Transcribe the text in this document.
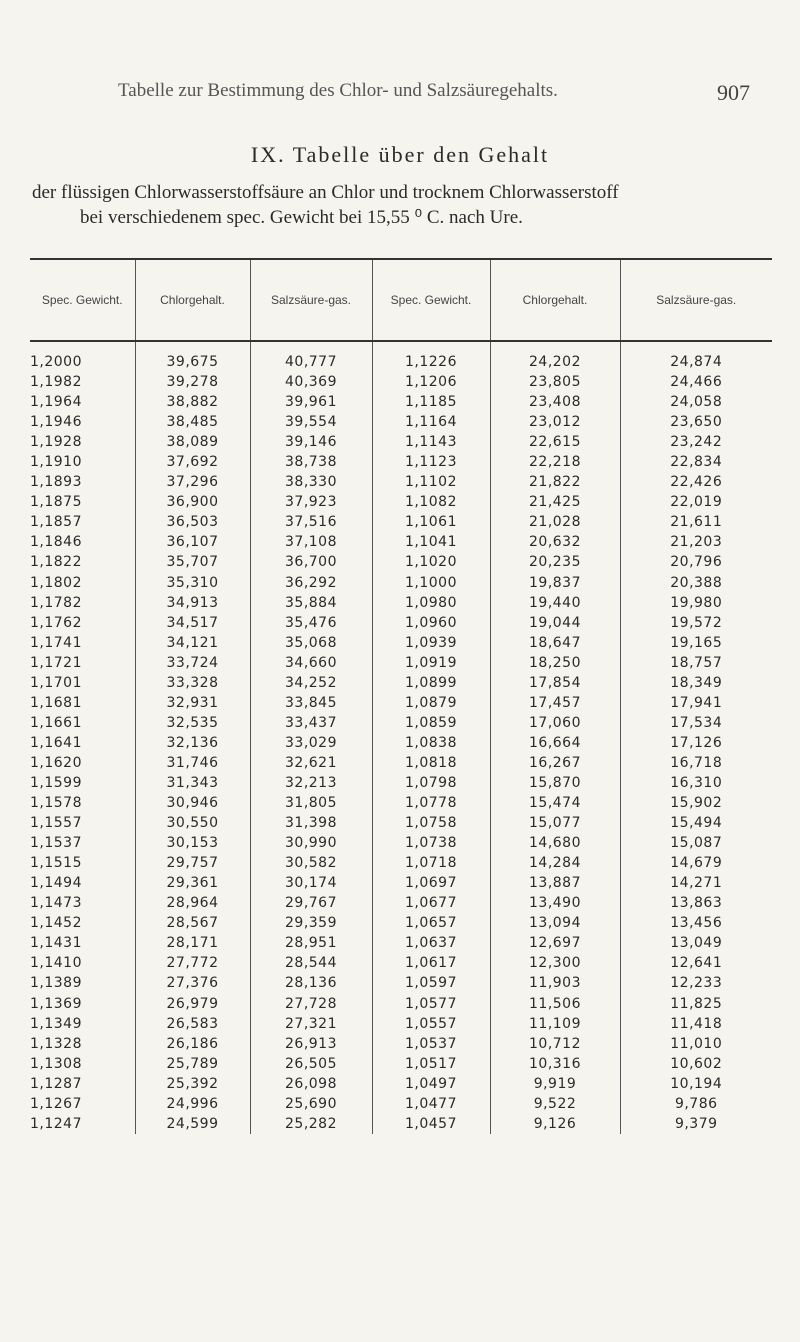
Tabelle zur Bestimmung des Chlor- und Salzsäuregehalts.	907
IX. Tabelle über den Gehalt
der flüssigen Chlorwasserstoffsäure an Chlor und trocknem Chlorwasserstoff
bei verschiedenem spec. Gewicht bei 15,55 ⁰ C. nach Ure.
Spec. Gewicht.	Chlorgehalt.	Salzsäure-gas.	Spec. Gewicht.	Chlorgehalt.	Salzsäure-gas.
1,2000	39,675	40,777	1,1226	24,202	24,874
1,1982	39,278	40,369	1,1206	23,805	24,466
1,1964	38,882	39,961	1,1185	23,408	24,058
1,1946	38,485	39,554	1,1164	23,012	23,650
1,1928	38,089	39,146	1,1143	22,615	23,242
1,1910	37,692	38,738	1,1123	22,218	22,834
1,1893	37,296	38,330	1,1102	21,822	22,426
1,1875	36,900	37,923	1,1082	21,425	22,019
1,1857	36,503	37,516	1,1061	21,028	21,611
1,1846	36,107	37,108	1,1041	20,632	21,203
1,1822	35,707	36,700	1,1020	20,235	20,796
1,1802	35,310	36,292	1,1000	19,837	20,388
1,1782	34,913	35,884	1,0980	19,440	19,980
1,1762	34,517	35,476	1,0960	19,044	19,572
1,1741	34,121	35,068	1,0939	18,647	19,165
1,1721	33,724	34,660	1,0919	18,250	18,757
1,1701	33,328	34,252	1,0899	17,854	18,349
1,1681	32,931	33,845	1,0879	17,457	17,941
1,1661	32,535	33,437	1,0859	17,060	17,534
1,1641	32,136	33,029	1,0838	16,664	17,126
1,1620	31,746	32,621	1,0818	16,267	16,718
1,1599	31,343	32,213	1,0798	15,870	16,310
1,1578	30,946	31,805	1,0778	15,474	15,902
1,1557	30,550	31,398	1,0758	15,077	15,494
1,1537	30,153	30,990	1,0738	14,680	15,087
1,1515	29,757	30,582	1,0718	14,284	14,679
1,1494	29,361	30,174	1,0697	13,887	14,271
1,1473	28,964	29,767	1,0677	13,490	13,863
1,1452	28,567	29,359	1,0657	13,094	13,456
1,1431	28,171	28,951	1,0637	12,697	13,049
1,1410	27,772	28,544	1,0617	12,300	12,641
1,1389	27,376	28,136	1,0597	11,903	12,233
1,1369	26,979	27,728	1,0577	11,506	11,825
1,1349	26,583	27,321	1,0557	11,109	11,418
1,1328	26,186	26,913	1,0537	10,712	11,010
1,1308	25,789	26,505	1,0517	10,316	10,602
1,1287	25,392	26,098	1,0497	9,919	10,194
1,1267	24,996	25,690	1,0477	9,522	9,786
1,1247	24,599	25,282	1,0457	9,126	9,379
